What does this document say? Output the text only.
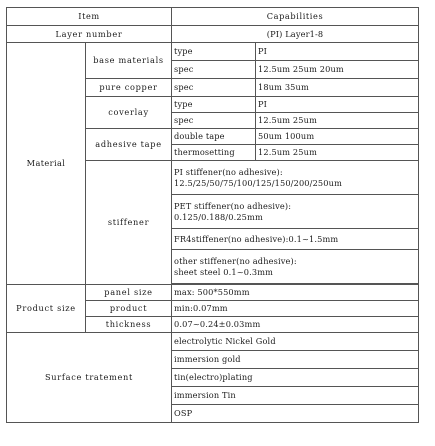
Item		Capabilities	
Layer number		(PI) Layer1-8	
Material	base materials	type	PI
		spec	12.5um 25um 20um
	pure copper	spec	18um 35um
	coverlay	type	PI
		spec	12.5um 25um
	adhesive tape	double tape	50um 100um
		thermosetting	12.5um 25um
	stiffener	PI stiffener(no adhesive):
12.5/25/50/75/100/125/150/200/250um	
		PET stiffener(no adhesive):
0.125/0.188/0.25mm	
		FR4stiffener(no adhesive):0.1~1.5mm	
		other stiffener(no adhesive):
sheet steel 0.1~0.3mm	

Product size	panel size	max: 500*550mm	
	product	min:0.07mm	
	thickness	0.07~0.24±0.03mm	
Surface tratement		electrolytic Nickel Gold	
		immersion gold	
		tin(electro)plating	
		immersion Tin	
		OSP	
